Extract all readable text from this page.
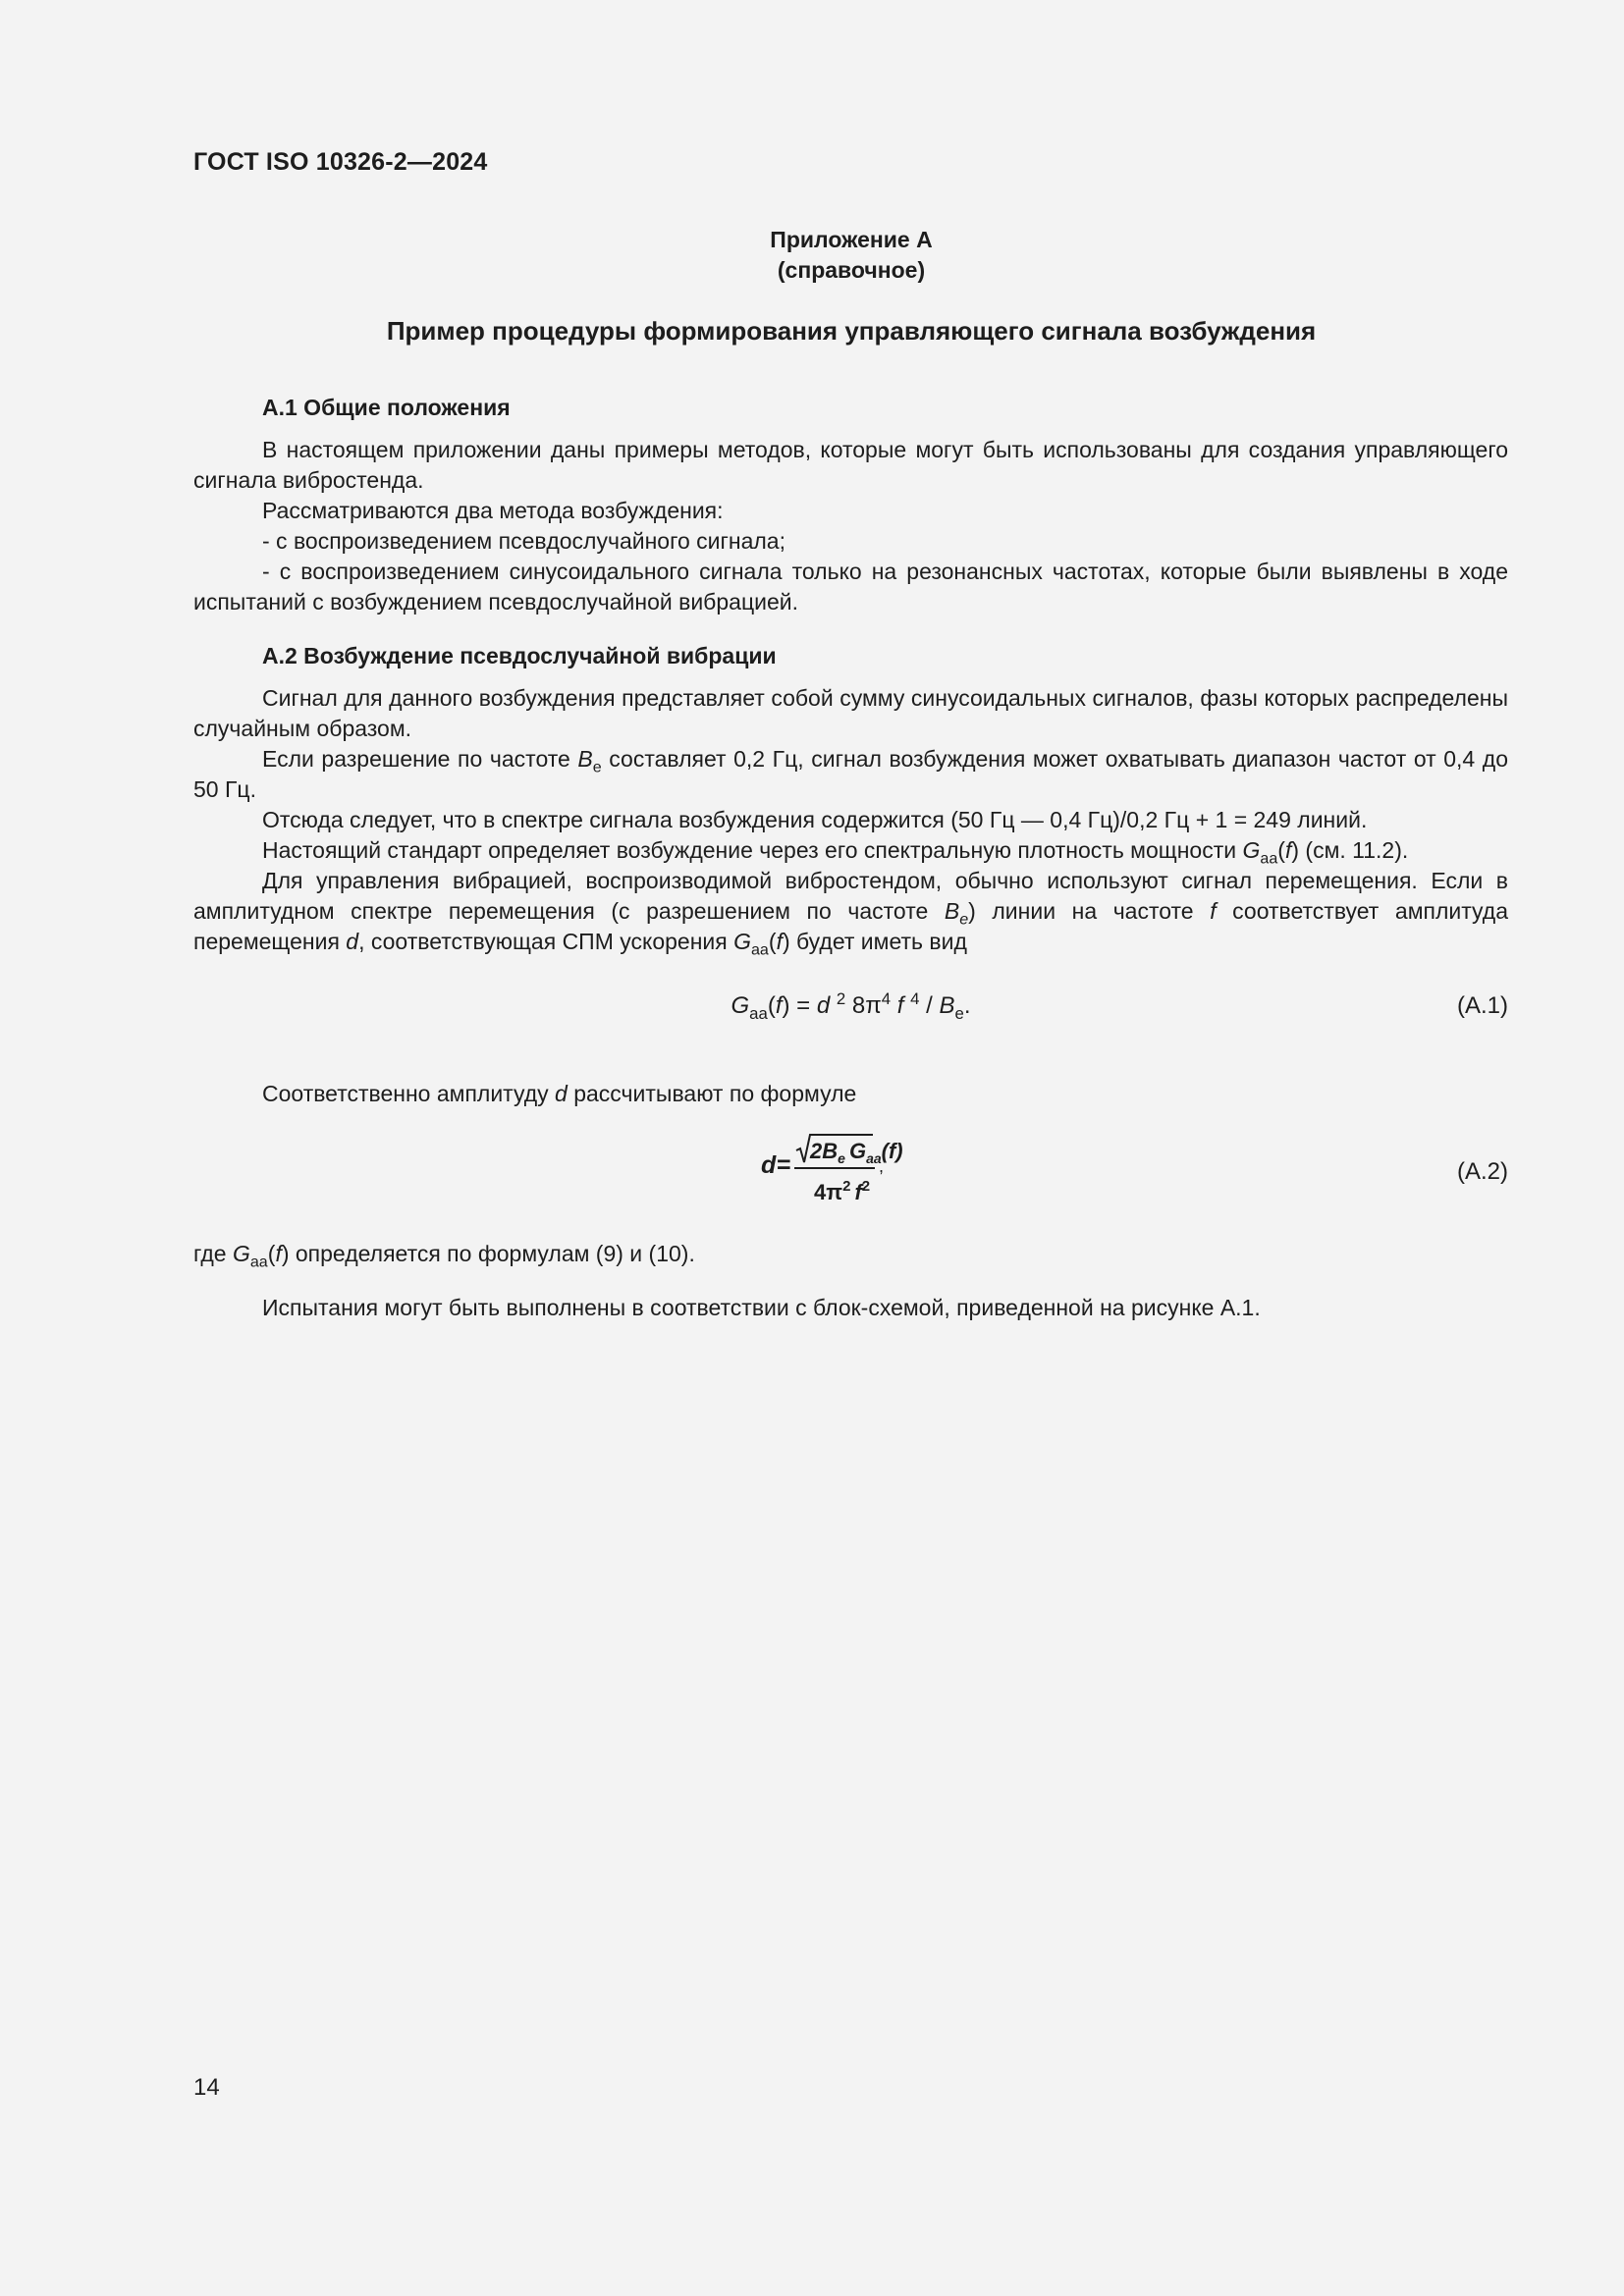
ГОСТ ISO 10326-2—2024
Приложение А
(справочное)
Пример процедуры формирования управляющего сигнала возбуждения

А.1 Общие положения

В настоящем приложении даны примеры методов, которые могут быть использованы для создания управляющего сигнала вибростенда.

Рассматриваются два метода возбуждения:

- с воспроизведением псевдослучайного сигнала;

- с воспроизведением синусоидального сигнала только на резонансных частотах, которые были выявлены в ходе испытаний с возбуждением псевдослучайной вибрацией.

А.2 Возбуждение псевдослучайной вибрации

Сигнал для данного возбуждения представляет собой сумму синусоидальных сигналов, фазы которых распределены случайным образом.

Если разрешение по частоте $B_e$ составляет 0,2 Гц, сигнал возбуждения может охватывать диапазон частот от 0,4 до 50 Гц.

Отсюда следует, что в спектре сигнала возбуждения содержится (50 Гц — 0,4 Гц)/0,2 Гц + 1 = 249 линий.

Настоящий стандарт определяет возбуждение через его спектральную плотность мощности $G_{aa}(f)$ (см. 11.2).

Для управления вибрацией, воспроизводимой вибростендом, обычно используют сигнал перемещения. Если в амплитудном спектре перемещения (с разрешением по частоте $B_e$) линии на частоте f соответствует амплитуда перемещения d, соответствующая СПМ ускорения $G_{aa}(f)$ будет иметь вид

$G_{aa}(f) = d$ $^2$ $8\pi^4$ f $^4 / B_e$.	(А.1)

Соответственно амплитуду d рассчитывают по формуле

d =
$2B_e$ $G_{aa}(f)$
,
$4\pi^2$ $f^2$
(А.2)

где $G_{aa}(f)$ определяется по формулам (9) и (10).

Испытания могут быть выполнены в соответствии с блок-схемой, приведенной на рисунке А.1.

14
